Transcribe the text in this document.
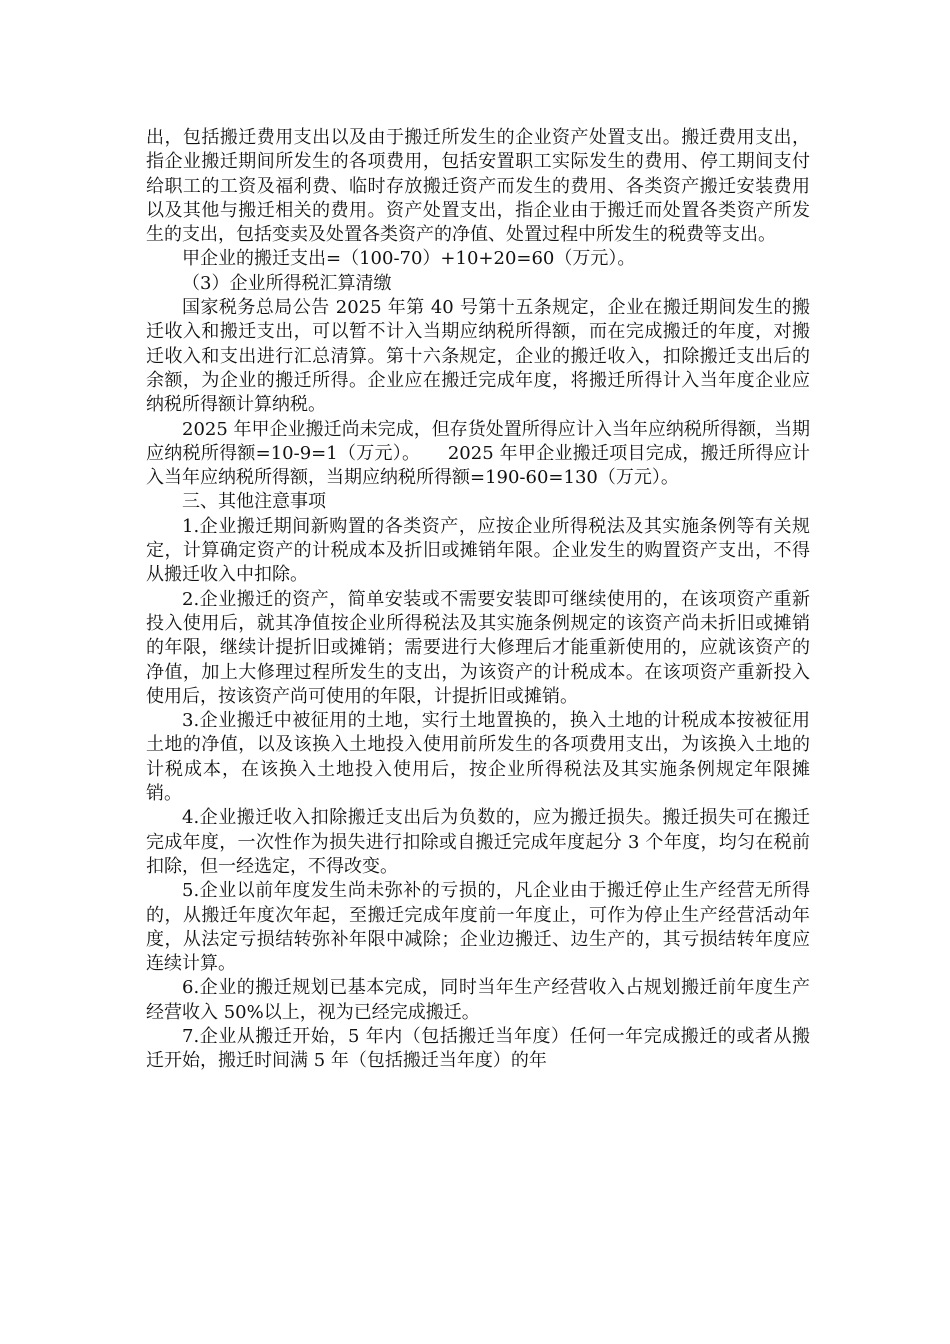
出，包括搬迁费用支出以及由于搬迁所发生的企业资产处置支出。搬迁费用支出，指企业搬迁期间所发生的各项费用，包括安置职工实际发生的费用、停工期间支付给职工的工资及福利费、临时存放搬迁资产而发生的费用、各类资产搬迁安装费用以及其他与搬迁相关的费用。资产处置支出，指企业由于搬迁而处置各类资产所发生的支出，包括变卖及处置各类资产的净值、处置过程中所发生的税费等支出。

甲企业的搬迁支出=（100-70）+10+20=60（万元）。

（3）企业所得税汇算清缴

国家税务总局公告 2025 年第 40 号第十五条规定，企业在搬迁期间发生的搬迁收入和搬迁支出，可以暂不计入当期应纳税所得额，而在完成搬迁的年度，对搬迁收入和支出进行汇总清算。第十六条规定，企业的搬迁收入，扣除搬迁支出后的余额，为企业的搬迁所得。企业应在搬迁完成年度，将搬迁所得计入当年度企业应纳税所得额计算纳税。

2025 年甲企业搬迁尚未完成，但存货处置所得应计入当年应纳税所得额，当期应纳税所得额=10-9=1（万元）。　　2025 年甲企业搬迁项目完成，搬迁所得应计入当年应纳税所得额，当期应纳税所得额=190-60=130（万元）。

三、其他注意事项

1.企业搬迁期间新购置的各类资产，应按企业所得税法及其实施条例等有关规定，计算确定资产的计税成本及折旧或摊销年限。企业发生的购置资产支出，不得从搬迁收入中扣除。

2.企业搬迁的资产，简单安装或不需要安装即可继续使用的，在该项资产重新投入使用后，就其净值按企业所得税法及其实施条例规定的该资产尚未折旧或摊销的年限，继续计提折旧或摊销；需要进行大修理后才能重新使用的，应就该资产的净值，加上大修理过程所发生的支出，为该资产的计税成本。在该项资产重新投入使用后，按该资产尚可使用的年限，计提折旧或摊销。

3.企业搬迁中被征用的土地，实行土地置换的，换入土地的计税成本按被征用土地的净值，以及该换入土地投入使用前所发生的各项费用支出，为该换入土地的计税成本，在该换入土地投入使用后，按企业所得税法及其实施条例规定年限摊销。

4.企业搬迁收入扣除搬迁支出后为负数的，应为搬迁损失。搬迁损失可在搬迁完成年度，一次性作为损失进行扣除或自搬迁完成年度起分 3 个年度，均匀在税前扣除，但一经选定，不得改变。

5.企业以前年度发生尚未弥补的亏损的，凡企业由于搬迁停止生产经营无所得的，从搬迁年度次年起，至搬迁完成年度前一年度止，可作为停止生产经营活动年度，从法定亏损结转弥补年限中减除；企业边搬迁、边生产的，其亏损结转年度应连续计算。

6.企业的搬迁规划已基本完成，同时当年生产经营收入占规划搬迁前年度生产经营收入 50%以上，视为已经完成搬迁。

7.企业从搬迁开始，5 年内（包括搬迁当年度）任何一年完成搬迁的或者从搬迁开始，搬迁时间满 5 年（包括搬迁当年度）的年
